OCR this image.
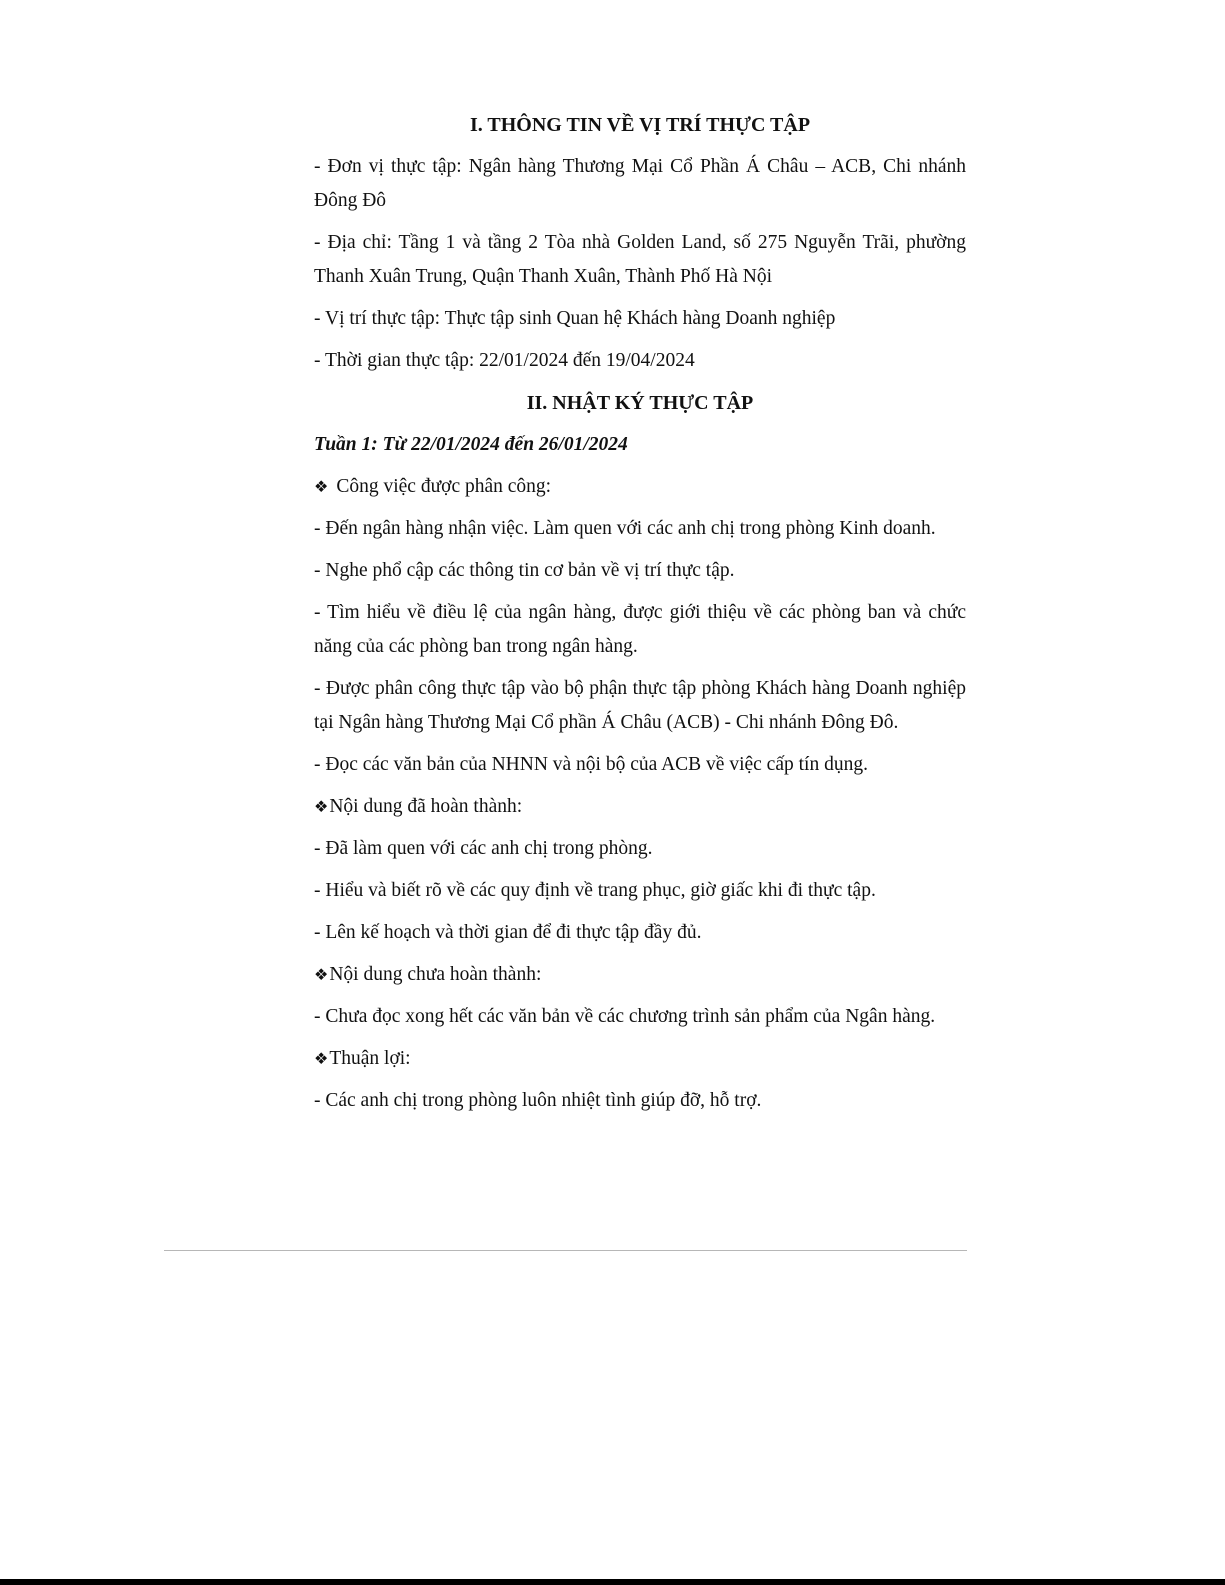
I. THÔNG TIN VỀ VỊ TRÍ THỰC TẬP
- Đơn vị thực tập: Ngân hàng Thương Mại Cổ Phần Á Châu – ACB, Chi nhánh Đông Đô
- Địa chỉ: Tầng 1 và tầng 2 Tòa nhà Golden Land, số 275 Nguyễn Trãi, phường Thanh Xuân Trung, Quận Thanh Xuân, Thành Phố Hà Nội
- Vị trí thực tập: Thực tập sinh Quan hệ Khách hàng Doanh nghiệp
- Thời gian thực tập: 22/01/2024 đến 19/04/2024
II. NHẬT KÝ THỰC TẬP
Tuần 1: Từ 22/01/2024 đến 26/01/2024
❖ Công việc được phân công:
- Đến ngân hàng nhận việc. Làm quen với các anh chị trong phòng Kinh doanh.
- Nghe phổ cập các thông tin cơ bản về vị trí thực tập.
- Tìm hiểu về điều lệ của ngân hàng, được giới thiệu về các phòng ban và chức năng của các phòng ban trong ngân hàng.
- Được phân công thực tập vào bộ phận thực tập phòng Khách hàng Doanh nghiệp tại Ngân hàng Thương Mại Cổ phần Á Châu (ACB) - Chi nhánh Đông Đô.
- Đọc các văn bản của NHNN và nội bộ của ACB về việc cấp tín dụng.
❖Nội dung đã hoàn thành:
- Đã làm quen với các anh chị trong phòng.
- Hiểu và biết rõ về các quy định về trang phục, giờ giấc khi đi thực tập.
- Lên kế hoạch và thời gian để đi thực tập đầy đủ.
❖Nội dung chưa hoàn thành:
- Chưa đọc xong hết các văn bản về các chương trình sản phẩm của Ngân hàng.
❖Thuận lợi:
- Các anh chị trong phòng luôn nhiệt tình giúp đỡ, hỗ trợ.
